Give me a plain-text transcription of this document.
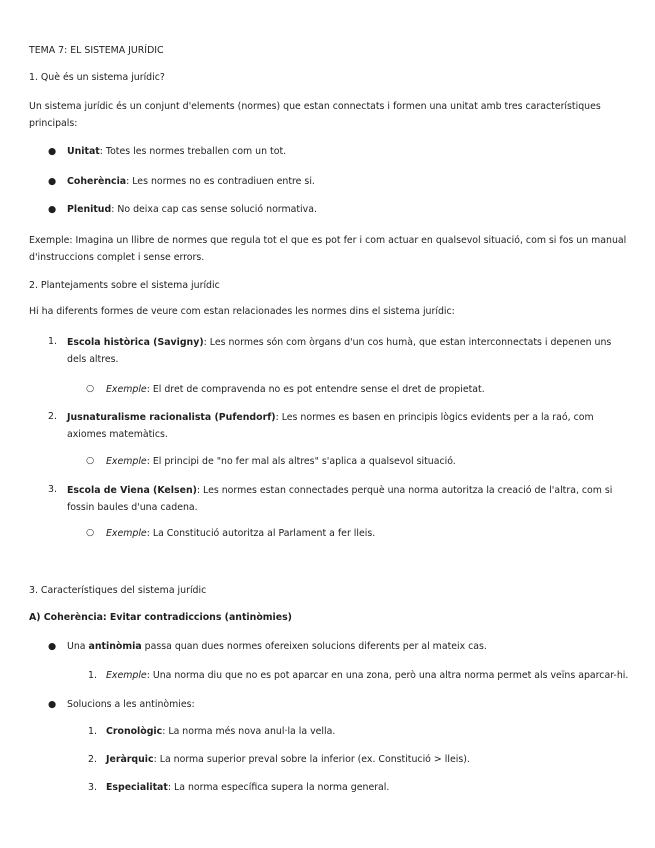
TEMA 7: EL SISTEMA JURÍDIC
1. Què és un sistema jurídic?
Un sistema jurídic és un conjunt d'elements (normes) que estan connectats i formen una unitat amb tres característiques principals:
● Unitat: Totes les normes treballen com un tot.
● Coherència: Les normes no es contradiuen entre si.
● Plenitud: No deixa cap cas sense solució normativa.
Exemple: Imagina un llibre de normes que regula tot el que es pot fer i com actuar en qualsevol situació, com si fos un manual d'instruccions complet i sense errors.
2. Plantejaments sobre el sistema jurídic
Hi ha diferents formes de veure com estan relacionades les normes dins el sistema jurídic:
1. Escola històrica (Savigny): Les normes són com òrgans d'un cos humà, que estan interconnectats i depenen uns dels altres.
○ Exemple: El dret de compravenda no es pot entendre sense el dret de propietat.
2. Jusnaturalisme racionalista (Pufendorf): Les normes es basen en principis lògics evidents per a la raó, com axiomes matemàtics.
○ Exemple: El principi de "no fer mal als altres" s'aplica a qualsevol situació.
3. Escola de Viena (Kelsen): Les normes estan connectades perquè una norma autoritza la creació de l'altra, com si fossin baules d'una cadena.
○ Exemple: La Constitució autoritza al Parlament a fer lleis.
3. Característiques del sistema jurídic
A) Coherència: Evitar contradiccions (antinòmies)
● Una antinòmia passa quan dues normes ofereixen solucions diferents per al mateix cas.
1. Exemple: Una norma diu que no es pot aparcar en una zona, però una altra norma permet als veïns aparcar-hi.
● Solucions a les antinòmies:
1. Cronològic: La norma més nova anul·la la vella.
2. Jeràrquic: La norma superior preval sobre la inferior (ex. Constitució > lleis).
3. Especialitat: La norma específica supera la norma general.
